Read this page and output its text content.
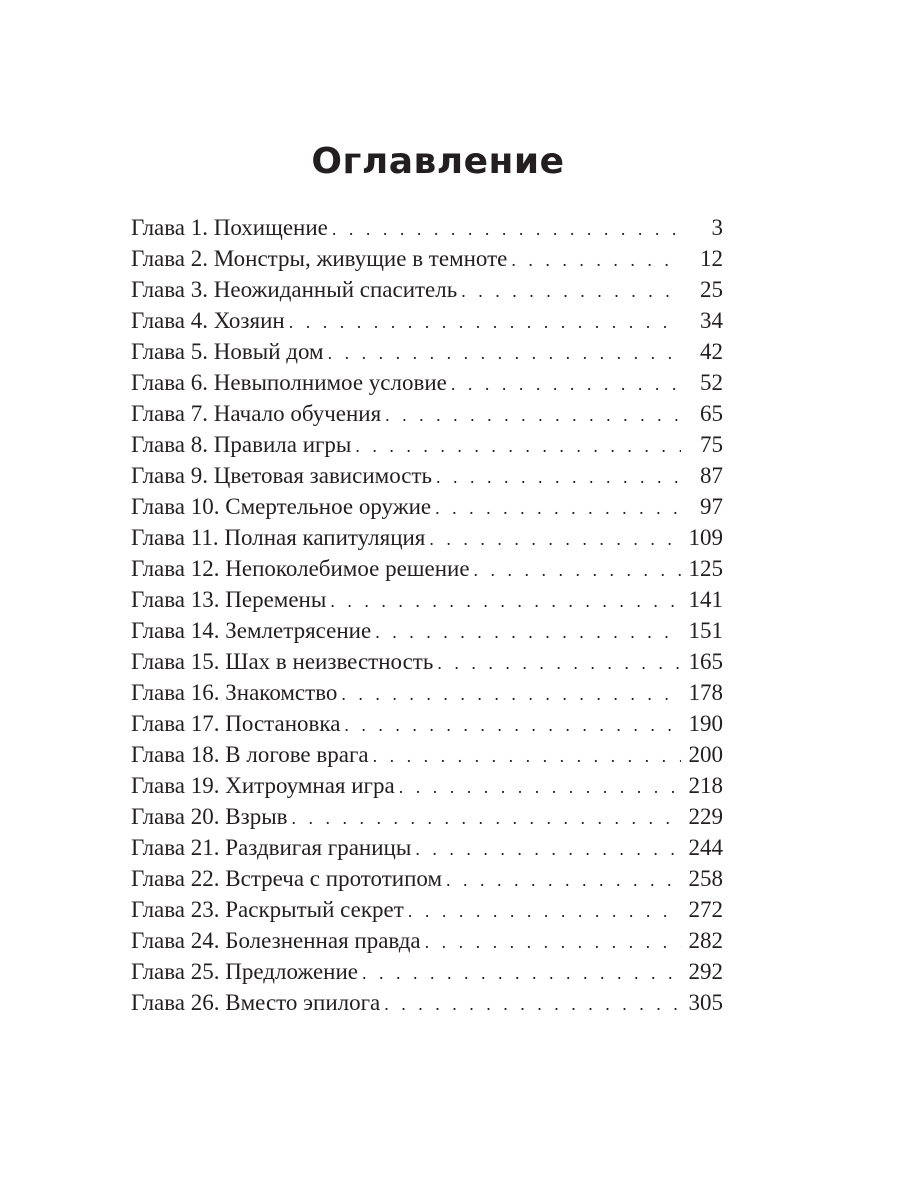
Оглавление
Глава 1. Похищение . . .	3
Глава 2. Монстры, живущие в темноте . . .	12
Глава 3. Неожиданный спаситель . . .	25
Глава 4. Хозяин . . .	34
Глава 5. Новый дом . . .	42
Глава 6. Невыполнимое условие . . .	52
Глава 7. Начало обучения . . .	65
Глава 8. Правила игры . . .	75
Глава 9. Цветовая зависимость . . .	87
Глава 10. Смертельное оружие . . .	97
Глава 11. Полная капитуляция . . .	109
Глава 12. Непоколебимое решение . . .	125
Глава 13. Перемены . . .	141
Глава 14. Землетрясение . . .	151
Глава 15. Шах в неизвестность . . .	165
Глава 16. Знакомство . . .	178
Глава 17. Постановка . . .	190
Глава 18. В логове врага . . .	200
Глава 19. Хитроумная игра . . .	218
Глава 20. Взрыв . . .	229
Глава 21. Раздвигая границы . . .	244
Глава 22. Встреча с прототипом . . .	258
Глава 23. Раскрытый секрет . . .	272
Глава 24. Болезненная правда . . .	282
Глава 25. Предложение . . .	292
Глава 26. Вместо эпилога . . .	305
